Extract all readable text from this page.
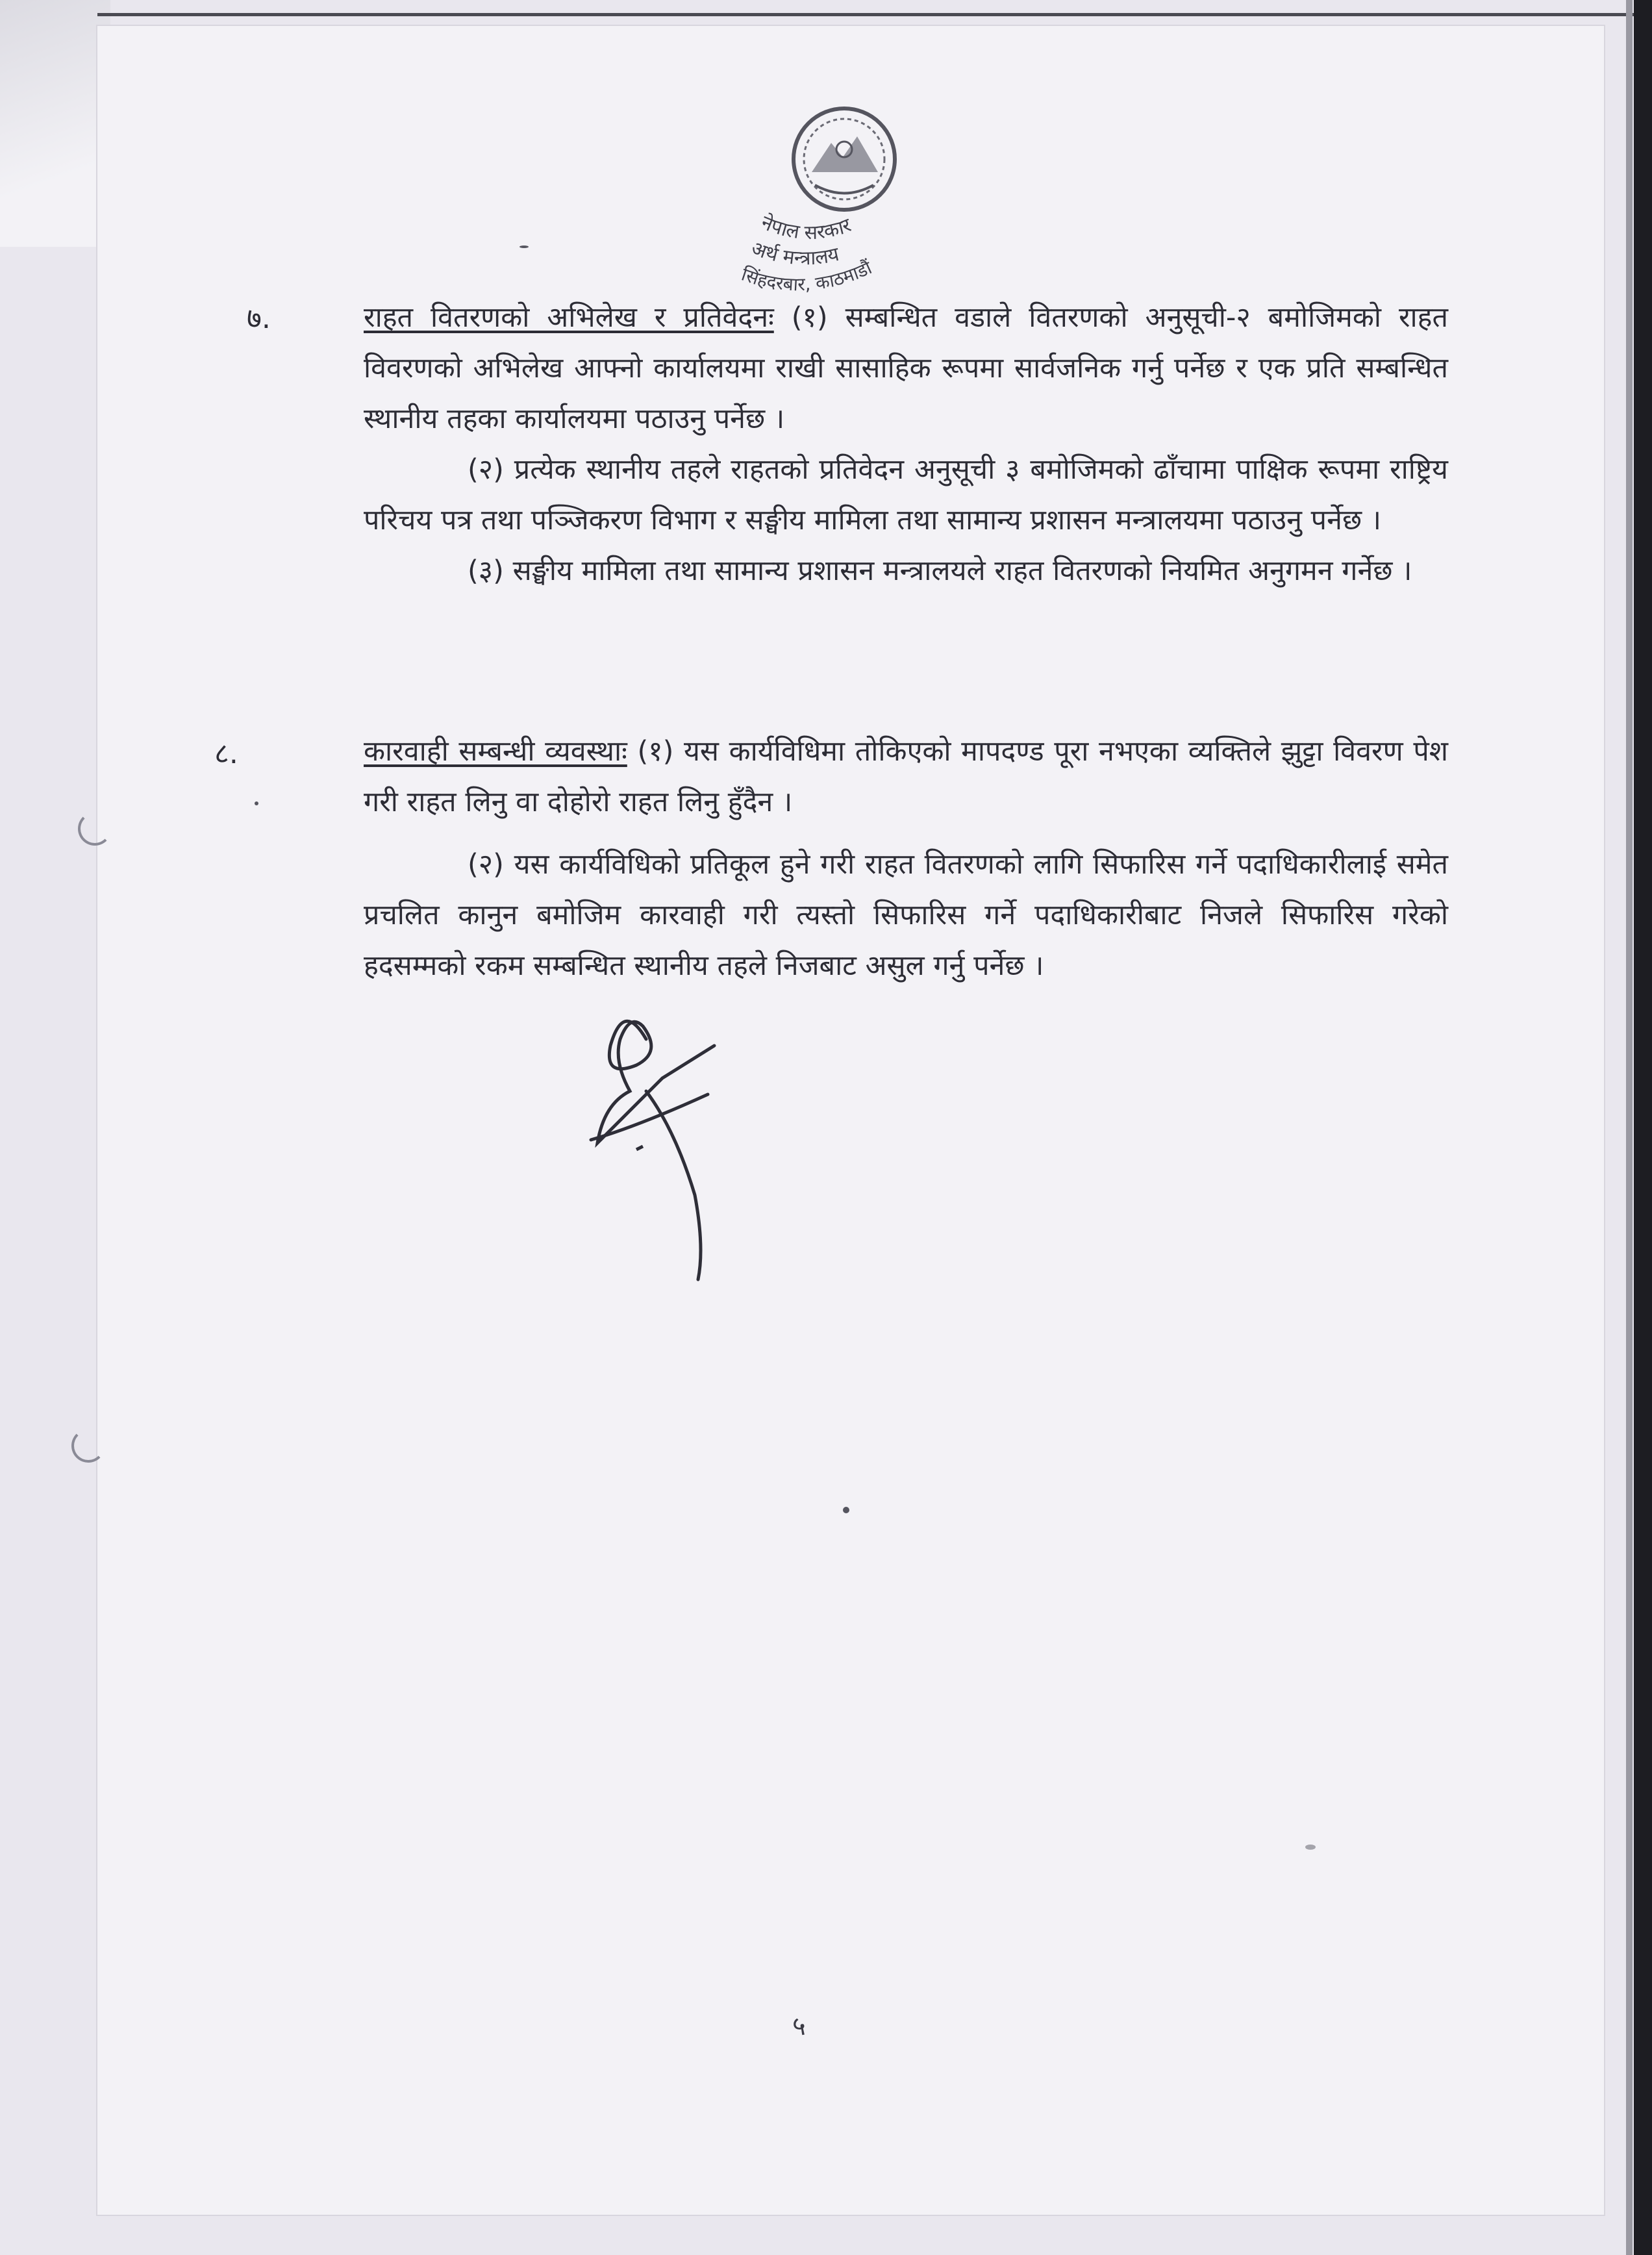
नेपाल सरकार
अर्थ मन्त्रालय
सिंहदरबार, काठमाडौं
७.	राहत वितरणको अभिलेख र प्रतिवेदनः (१) सम्बन्धित वडाले वितरणको अनुसूची-२ बमोजिमको राहत विवरणको अभिलेख आफ्नो कार्यालयमा राखी सासाहिक रूपमा सार्वजनिक गर्नु पर्नेछ र एक प्रति सम्बन्धित स्थानीय तहका कार्यालयमा पठाउनु पर्नेछ ।

(२) प्रत्येक स्थानीय तहले राहतको प्रतिवेदन अनुसूची ३ बमोजिमको ढाँचामा पाक्षिक रूपमा राष्ट्रिय परिचय पत्र तथा पञ्जिकरण विभाग र सङ्घीय मामिला तथा सामान्य प्रशासन मन्त्रालयमा पठाउनु पर्नेछ ।

(३) सङ्घीय मामिला तथा सामान्य प्रशासन मन्त्रालयले राहत वितरणको नियमित अनुगमन गर्नेछ ।

८.	कारवाही सम्बन्धी व्यवस्थाः (१) यस कार्यविधिमा तोकिएको मापदण्ड पूरा नभएका व्यक्तिले झुट्टा विवरण पेश गरी राहत लिनु वा दोहोरो राहत लिनु हुँदैन ।

(२) यस कार्यविधिको प्रतिकूल हुने गरी राहत वितरणको लागि सिफारिस गर्ने पदाधिकारीलाई समेत प्रचलित कानुन बमोजिम कारवाही गरी त्यस्तो सिफारिस गर्ने पदाधिकारीबाट निजले सिफारिस गरेको हदसम्मको रकम सम्बन्धित स्थानीय तहले निजबाट असुल गर्नु पर्नेछ ।

५
